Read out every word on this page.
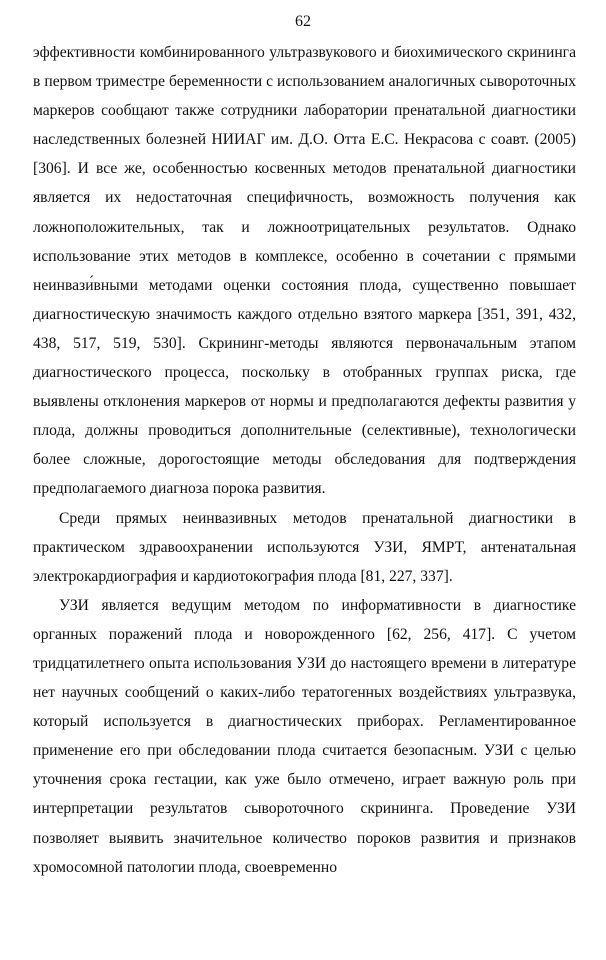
62

эффективности комбинированного ультразвукового и биохимического скрининга в первом триместре беременности с использованием аналогичных сывороточных маркеров сообщают также сотрудники лаборатории пренатальной диагностики наследственных болезней НИИАГ им. Д.О. Отта Е.С. Некрасова с соавт. (2005) [306]. И все же, особенностью косвенных методов пренатальной диагностики является их недостаточная специфичность, возможность получения как ложноположительных, так и ложноотрицательных результатов. Однако использование этих методов в комплексе, особенно в сочетании с прямыми неинвази́вными методами оценки состояния плода, существенно повышает диагностическую значимость каждого отдельно взятого маркера [351, 391, 432, 438, 517, 519, 530]. Скрининг-методы являются первоначальным этапом диагностического процесса, поскольку в отобранных группах риска, где выявлены отклонения маркеров от нормы и предполагаются дефекты развития у плода, должны проводиться дополнительные (селективные), технологически более сложные, дорогостоящие методы обследования для подтверждения предполагаемого диагноза порока развития.

Среди прямых неинвазивных методов пренатальной диагностики в практическом здравоохранении используются УЗИ, ЯМРТ, антенатальная электрокардиография и кардиотокография плода [81, 227, 337].

УЗИ является ведущим методом по информативности в диагностике органных поражений плода и новорожденного [62, 256, 417]. С учетом тридцатилетнего опыта использования УЗИ до настоящего времени в литературе нет научных сообщений о каких-либо тератогенных воздействиях ультразвука, который используется в диагностических приборах. Регламентированное применение его при обследовании плода считается безопасным. УЗИ с целью уточнения срока гестации, как уже было отмечено, играет важную роль при интерпретации результатов сывороточного скрининга. Проведение УЗИ позволяет выявить значительное количество пороков развития и признаков хромосомной патологии плода, своевременно
